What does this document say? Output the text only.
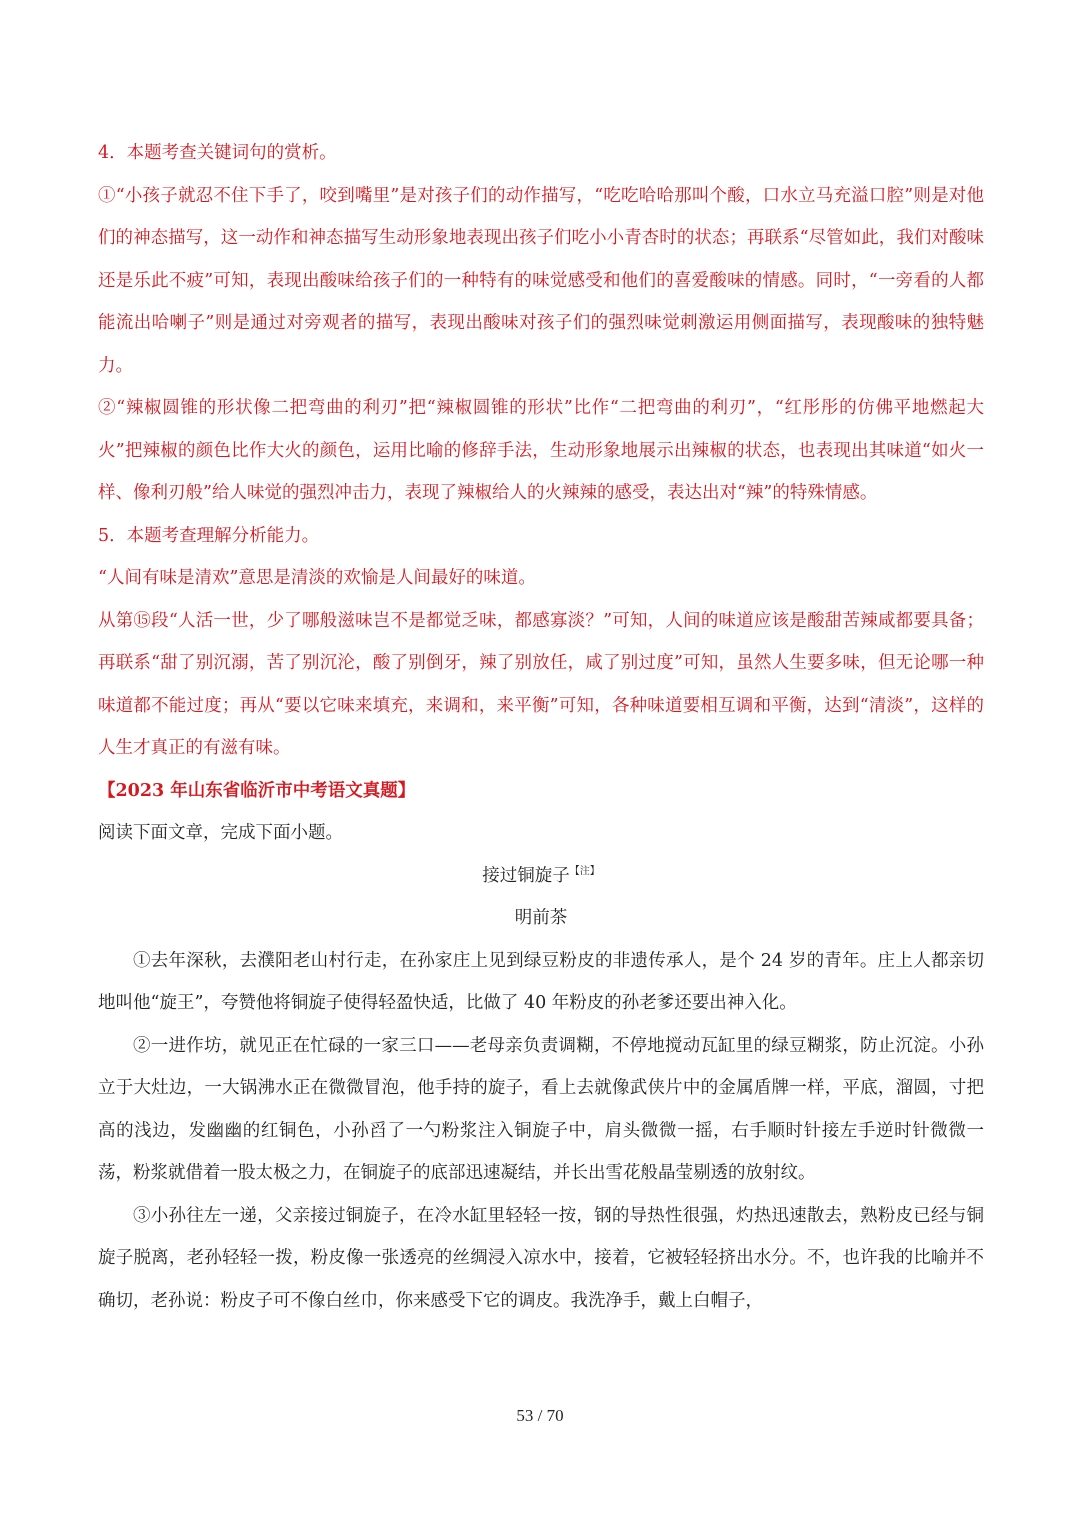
4．本题考查关键词句的赏析。

①“小孩子就忍不住下手了，咬到嘴里”是对孩子们的动作描写，“吃吃哈哈那叫个酸，口水立马充溢口腔”则是对他们的神态描写，这一动作和神态描写生动形象地表现出孩子们吃小小青杏时的状态；再联系“尽管如此，我们对酸味还是乐此不疲”可知，表现出酸味给孩子们的一种特有的味觉感受和他们的喜爱酸味的情感。同时，“一旁看的人都能流出哈喇子”则是通过对旁观者的描写，表现出酸味对孩子们的强烈味觉刺激运用侧面描写，表现酸味的独特魅力。

②“辣椒圆锥的形状像二把弯曲的利刃”把“辣椒圆锥的形状”比作“二把弯曲的利刃”，“红彤彤的仿佛平地燃起大火”把辣椒的颜色比作大火的颜色，运用比喻的修辞手法，生动形象地展示出辣椒的状态，也表现出其味道“如火一样、像利刃般”给人味觉的强烈冲击力，表现了辣椒给人的火辣辣的感受，表达出对“辣”的特殊情感。

5．本题考查理解分析能力。

“人间有味是清欢”意思是清淡的欢愉是人间最好的味道。

从第⑮段“人活一世，少了哪般滋味岂不是都觉乏味，都感寡淡？”可知，人间的味道应该是酸甜苦辣咸都要具备；再联系“甜了别沉溺，苦了别沉沦，酸了别倒牙，辣了别放任，咸了别过度”可知，虽然人生要多味，但无论哪一种味道都不能过度；再从“要以它味来填充，来调和，来平衡”可知，各种味道要相互调和平衡，达到“清淡”，这样的人生才真正的有滋有味。

【2023 年山东省临沂市中考语文真题】

阅读下面文章，完成下面小题。

接过铜旋子$^{【注】}$

明前茶

①去年深秋，去濮阳老山村行走，在孙家庄上见到绿豆粉皮的非遗传承人，是个 24 岁的青年。庄上人都亲切地叫他“旋王”，夸赞他将铜旋子使得轻盈快适，比做了 40 年粉皮的孙老爹还要出神入化。

②一进作坊，就见正在忙碌的一家三口——老母亲负责调糊，不停地搅动瓦缸里的绿豆糊浆，防止沉淀。小孙立于大灶边，一大锅沸水正在微微冒泡，他手持的旋子，看上去就像武侠片中的金属盾牌一样，平底，溜圆，寸把高的浅边，发幽幽的红铜色，小孙舀了一勺粉浆注入铜旋子中，肩头微微一摇，右手顺时针接左手逆时针微微一荡，粉浆就借着一股太极之力，在铜旋子的底部迅速凝结，并长出雪花般晶莹剔透的放射纹。

③小孙往左一递，父亲接过铜旋子，在冷水缸里轻轻一按，钢的导热性很强，灼热迅速散去，熟粉皮已经与铜旋子脱离，老孙轻轻一拨，粉皮像一张透亮的丝绸浸入凉水中，接着，它被轻轻挤出水分。不，也许我的比喻并不确切，老孙说：粉皮子可不像白丝巾，你来感受下它的调皮。我洗净手，戴上白帽子，

53 / 70
